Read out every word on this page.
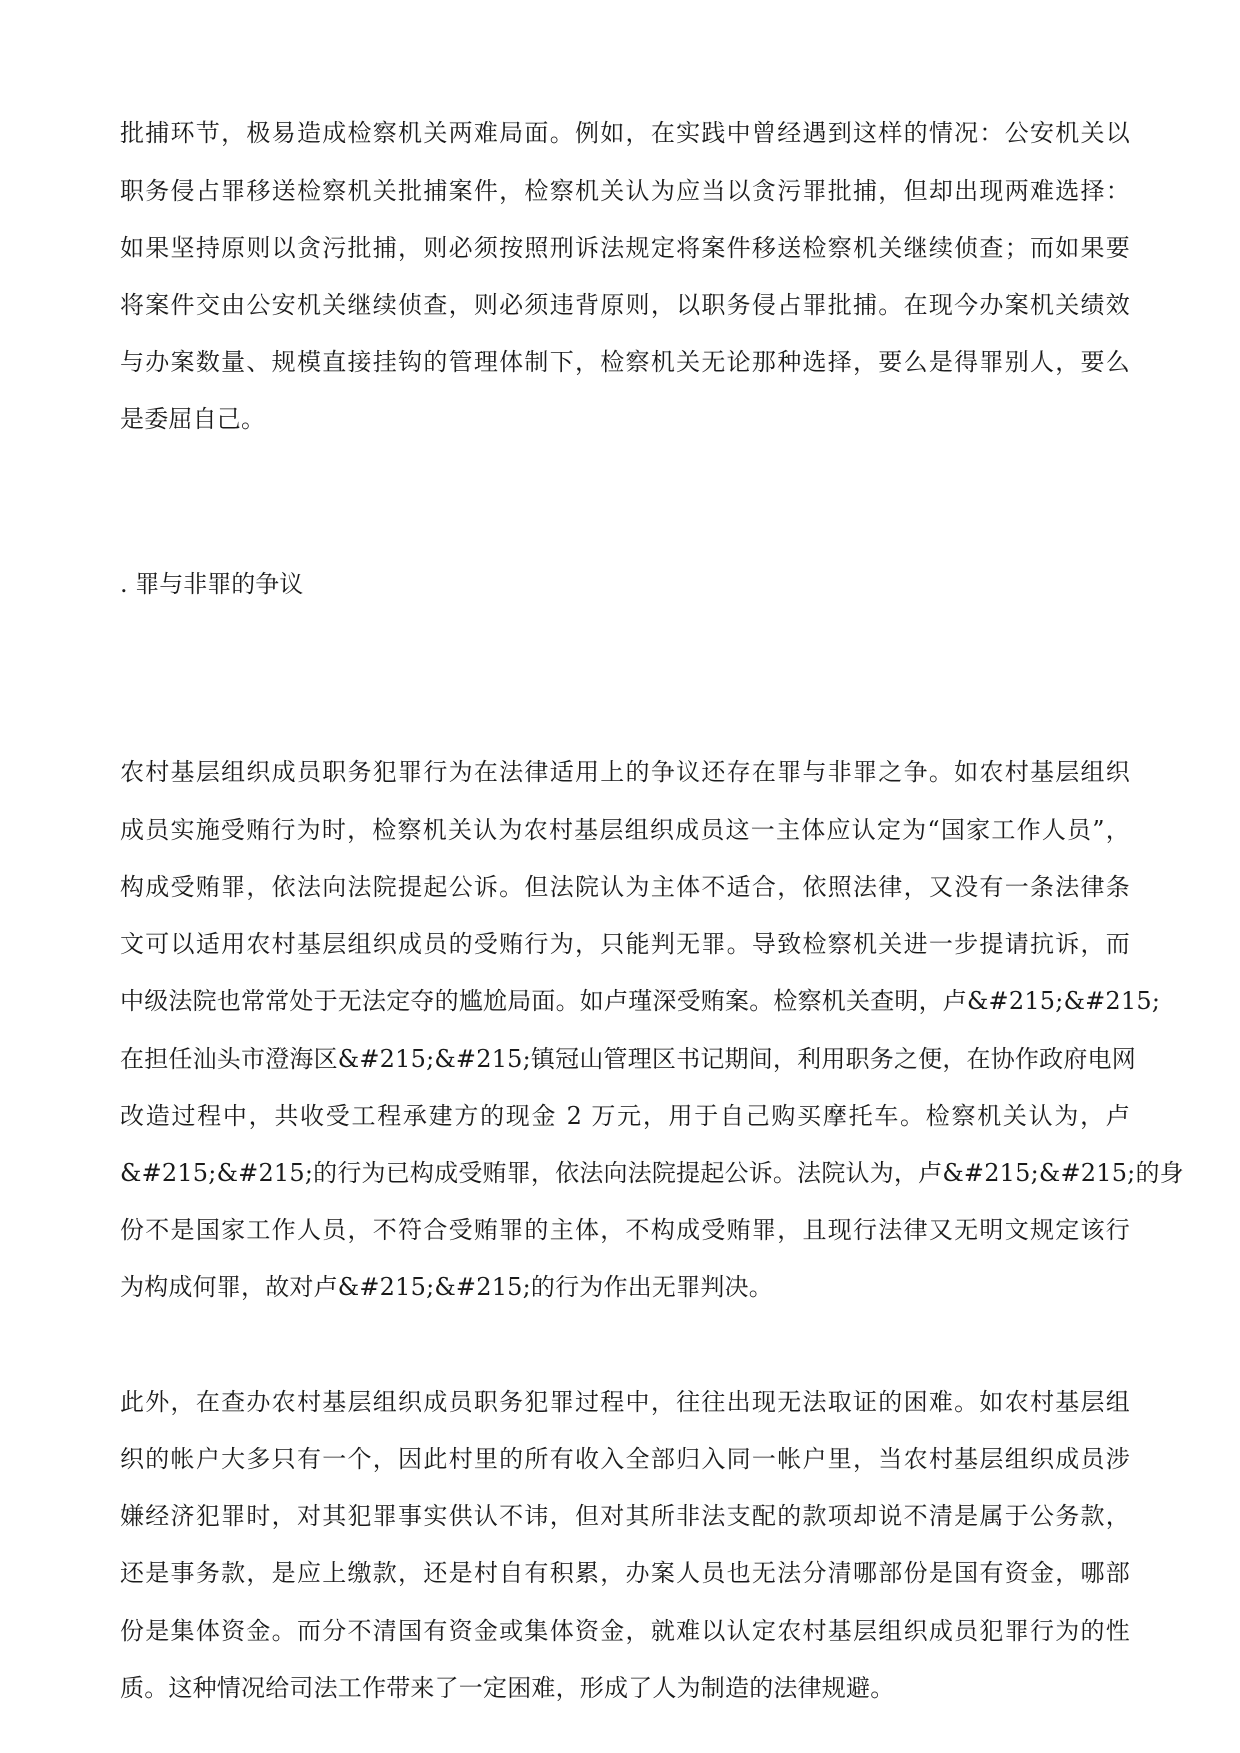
批捕环节，极易造成检察机关两难局面。例如，在实践中曾经遇到这样的情况：公安机关以
职务侵占罪移送检察机关批捕案件，检察机关认为应当以贪污罪批捕，但却出现两难选择：
如果坚持原则以贪污批捕，则必须按照刑诉法规定将案件移送检察机关继续侦查；而如果要
将案件交由公安机关继续侦查，则必须违背原则，以职务侵占罪批捕。在现今办案机关绩效
与办案数量、规模直接挂钩的管理体制下，检察机关无论那种选择，要么是得罪别人，要么
是委屈自己。
. 罪与非罪的争议
农村基层组织成员职务犯罪行为在法律适用上的争议还存在罪与非罪之争。如农村基层组织
成员实施受贿行为时，检察机关认为农村基层组织成员这一主体应认定为“国家工作人员”，
构成受贿罪，依法向法院提起公诉。但法院认为主体不适合，依照法律，又没有一条法律条
文可以适用农村基层组织成员的受贿行为，只能判无罪。导致检察机关进一步提请抗诉，而
中级法院也常常处于无法定夺的尴尬局面。如卢瑾深受贿案。检察机关查明，卢&#215;&#215;
在担任汕头市澄海区&#215;&#215;镇冠山管理区书记期间，利用职务之便，在协作政府电网
改造过程中，共收受工程承建方的现金 2 万元，用于自己购买摩托车。检察机关认为，卢
&#215;&#215;的行为已构成受贿罪，依法向法院提起公诉。法院认为，卢&#215;&#215;的身
份不是国家工作人员，不符合受贿罪的主体，不构成受贿罪，且现行法律又无明文规定该行
为构成何罪，故对卢&#215;&#215;的行为作出无罪判决。
此外，在查办农村基层组织成员职务犯罪过程中，往往出现无法取证的困难。如农村基层组
织的帐户大多只有一个，因此村里的所有收入全部归入同一帐户里，当农村基层组织成员涉
嫌经济犯罪时，对其犯罪事实供认不讳，但对其所非法支配的款项却说不清是属于公务款，
还是事务款，是应上缴款，还是村自有积累，办案人员也无法分清哪部份是国有资金，哪部
份是集体资金。而分不清国有资金或集体资金，就难以认定农村基层组织成员犯罪行为的性
质。这种情况给司法工作带来了一定困难，形成了人为制造的法律规避。
